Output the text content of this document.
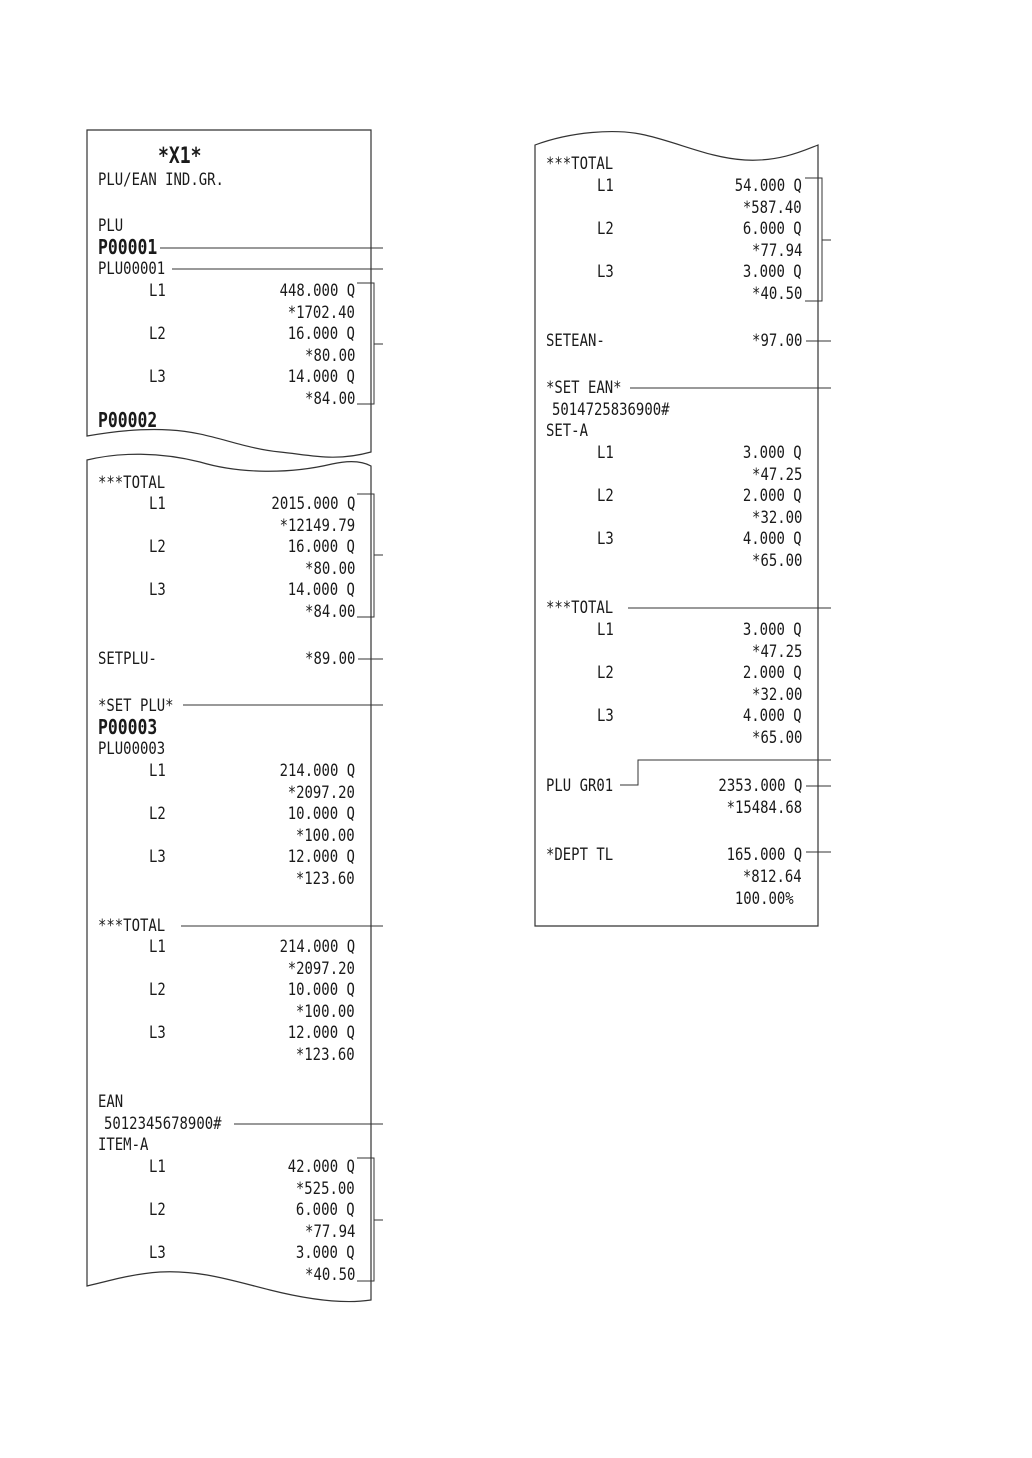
*X1*
PLU/EAN IND.GR.
PLU
P00001
PLU00001
L1	448.000 Q
*1702.40
L2	16.000 Q
*80.00
L3	14.000 Q
*84.00
P00002
***TOTAL
L1	2015.000 Q
*12149.79
L2	16.000 Q
*80.00
L3	14.000 Q
*84.00
SETPLU-	*89.00
*SET PLU*
P00003
PLU00003
L1	214.000 Q
*2097.20
L2	10.000 Q
*100.00
L3	12.000 Q
*123.60
***TOTAL
L1	214.000 Q
*2097.20
L2	10.000 Q
*100.00
L3	12.000 Q
*123.60
EAN
5012345678900#
ITEM-A
L1	42.000 Q
*525.00
L2	6.000 Q
*77.94
L3	3.000 Q
*40.50
***TOTAL
L1	54.000 Q
*587.40
L2	6.000 Q
*77.94
L3	3.000 Q
*40.50
SETEAN-	*97.00
*SET EAN*
5014725836900#
SET-A
L1	3.000 Q
*47.25
L2	2.000 Q
*32.00
L3	4.000 Q
*65.00
***TOTAL
L1	3.000 Q
*47.25
L2	2.000 Q
*32.00
L3	4.000 Q
*65.00
PLU GR01	2353.000 Q
*15484.68
*DEPT TL	165.000 Q
*812.64
100.00%
